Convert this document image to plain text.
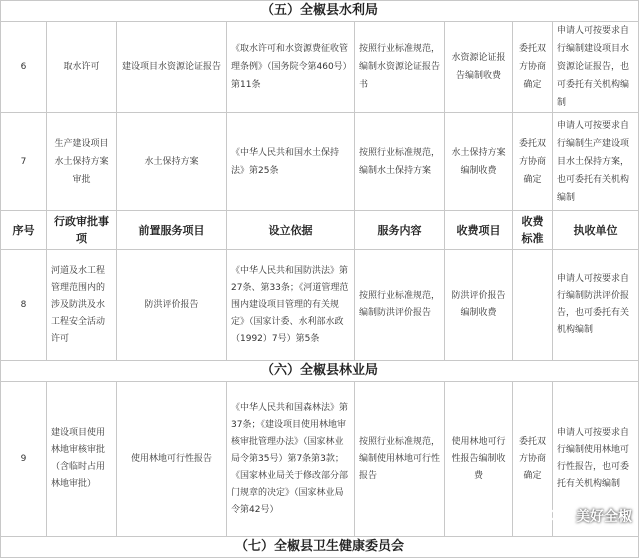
（五）全椒县水利局							
6	取水许可	建设项目水资源论证报告	《取水许可和水资源费征收管理条例》（国务院令第460号）第11条	按照行业标准规范，编制水资源论证报告书	水资源论证报告编制收费	委托双方协商确定	申请人可按要求自行编制建设项目水资源论证报告，也可委托有关机构编制
7	生产建设项目水土保持方案审批	水土保持方案	《中华人民共和国水土保持法》第25条	按照行业标准规范，编制水土保持方案	水土保持方案编制收费	委托双方协商确定	申请人可按要求自行编制生产建设项目水土保持方案，也可委托有关机构编制
序号	行政审批事项	前置服务项目	设立依据	服务内容	收费项目	收费标准	执收单位
8	河道及水工程管理范围内的涉及防洪及水工程安全活动许可	防洪评价报告	《中华人民共和国防洪法》第27条、第33条；《河道管理范围内建设项目管理的有关规定》（国家计委、水利部水政（1992）7号）第5条	按照行业标准规范，编制防洪评价报告	防洪评价报告编制收费		申请人可按要求自行编制防洪评价报告，也可委托有关机构编制
（六）全椒县林业局							
9	建设项目使用林地审核审批（含临时占用林地审批）	使用林地可行性报告	《中华人民共和国森林法》第37条；《建设项目使用林地审核审批管理办法》（国家林业局令第35号）第7条第3款；《国家林业局关于修改部分部门规章的决定》（国家林业局令第42号）	按照行业标准规范，编制使用林地可行性报告	使用林地可行性报告编制收费	委托双方协商确定	申请人可按要求自行编制使用林地可行性报告，也可委托有关机构编制
（七）全椒县卫生健康委员会							
美好全椒
